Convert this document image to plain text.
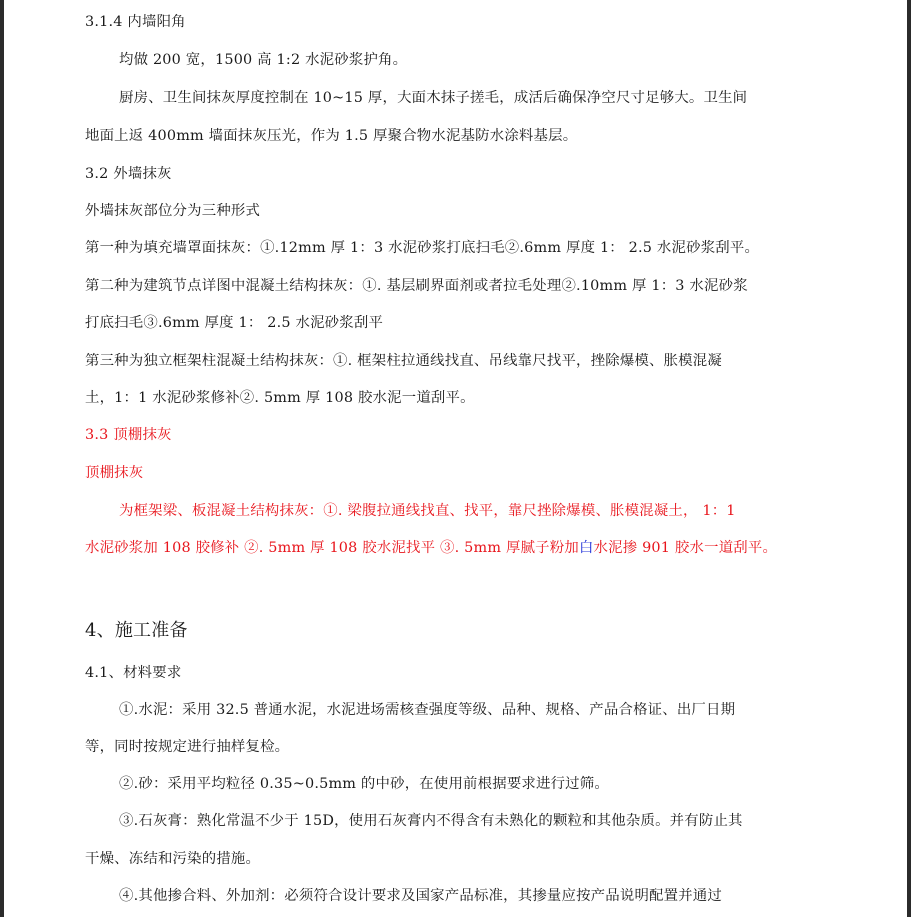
3.1.4 内墙阳角
均做 200 宽，1500 高 1:2 水泥砂浆护角。
厨房、卫生间抹灰厚度控制在 10~15 厚，大面木抹子搓毛，成活后确保净空尺寸足够大。卫生间
地面上返 400mm 墙面抹灰压光，作为 1.5 厚聚合物水泥基防水涂料基层。
3.2 外墙抹灰
外墙抹灰部位分为三种形式
第一种为填充墙罩面抹灰：①.12mm 厚 1：3 水泥砂浆打底扫毛②.6mm 厚度 1： 2.5 水泥砂浆刮平。
第二种为建筑节点详图中混凝土结构抹灰：①. 基层刷界面剂或者拉毛处理②.10mm 厚 1：3 水泥砂浆
打底扫毛③.6mm 厚度 1： 2.5 水泥砂浆刮平
第三种为独立框架柱混凝土结构抹灰：①. 框架柱拉通线找直、吊线靠尺找平，挫除爆模、胀模混凝
土，1：1 水泥砂浆修补②. 5mm 厚 108 胶水泥一道刮平。
3.3 顶棚抹灰
顶棚抹灰
为框架梁、板混凝土结构抹灰：①. 梁腹拉通线找直、找平，靠尺挫除爆模、胀模混凝土， 1：1
水泥砂浆加 108 胶修补 ②. 5mm 厚 108 胶水泥找平 ③. 5mm 厚腻子粉加白水泥掺 901 胶水一道刮平。
4、施工准备
4.1、材料要求
①.水泥：采用 32.5 普通水泥，水泥进场需核查强度等级、品种、规格、产品合格证、出厂日期
等，同时按规定进行抽样复检。
②.砂：采用平均粒径 0.35~0.5mm 的中砂，在使用前根据要求进行过筛。
③.石灰膏：熟化常温不少于 15D，使用石灰膏内不得含有未熟化的颗粒和其他杂质。并有防止其
干燥、冻结和污染的措施。
④.其他掺合料、外加剂：必须符合设计要求及国家产品标准，其掺量应按产品说明配置并通过
